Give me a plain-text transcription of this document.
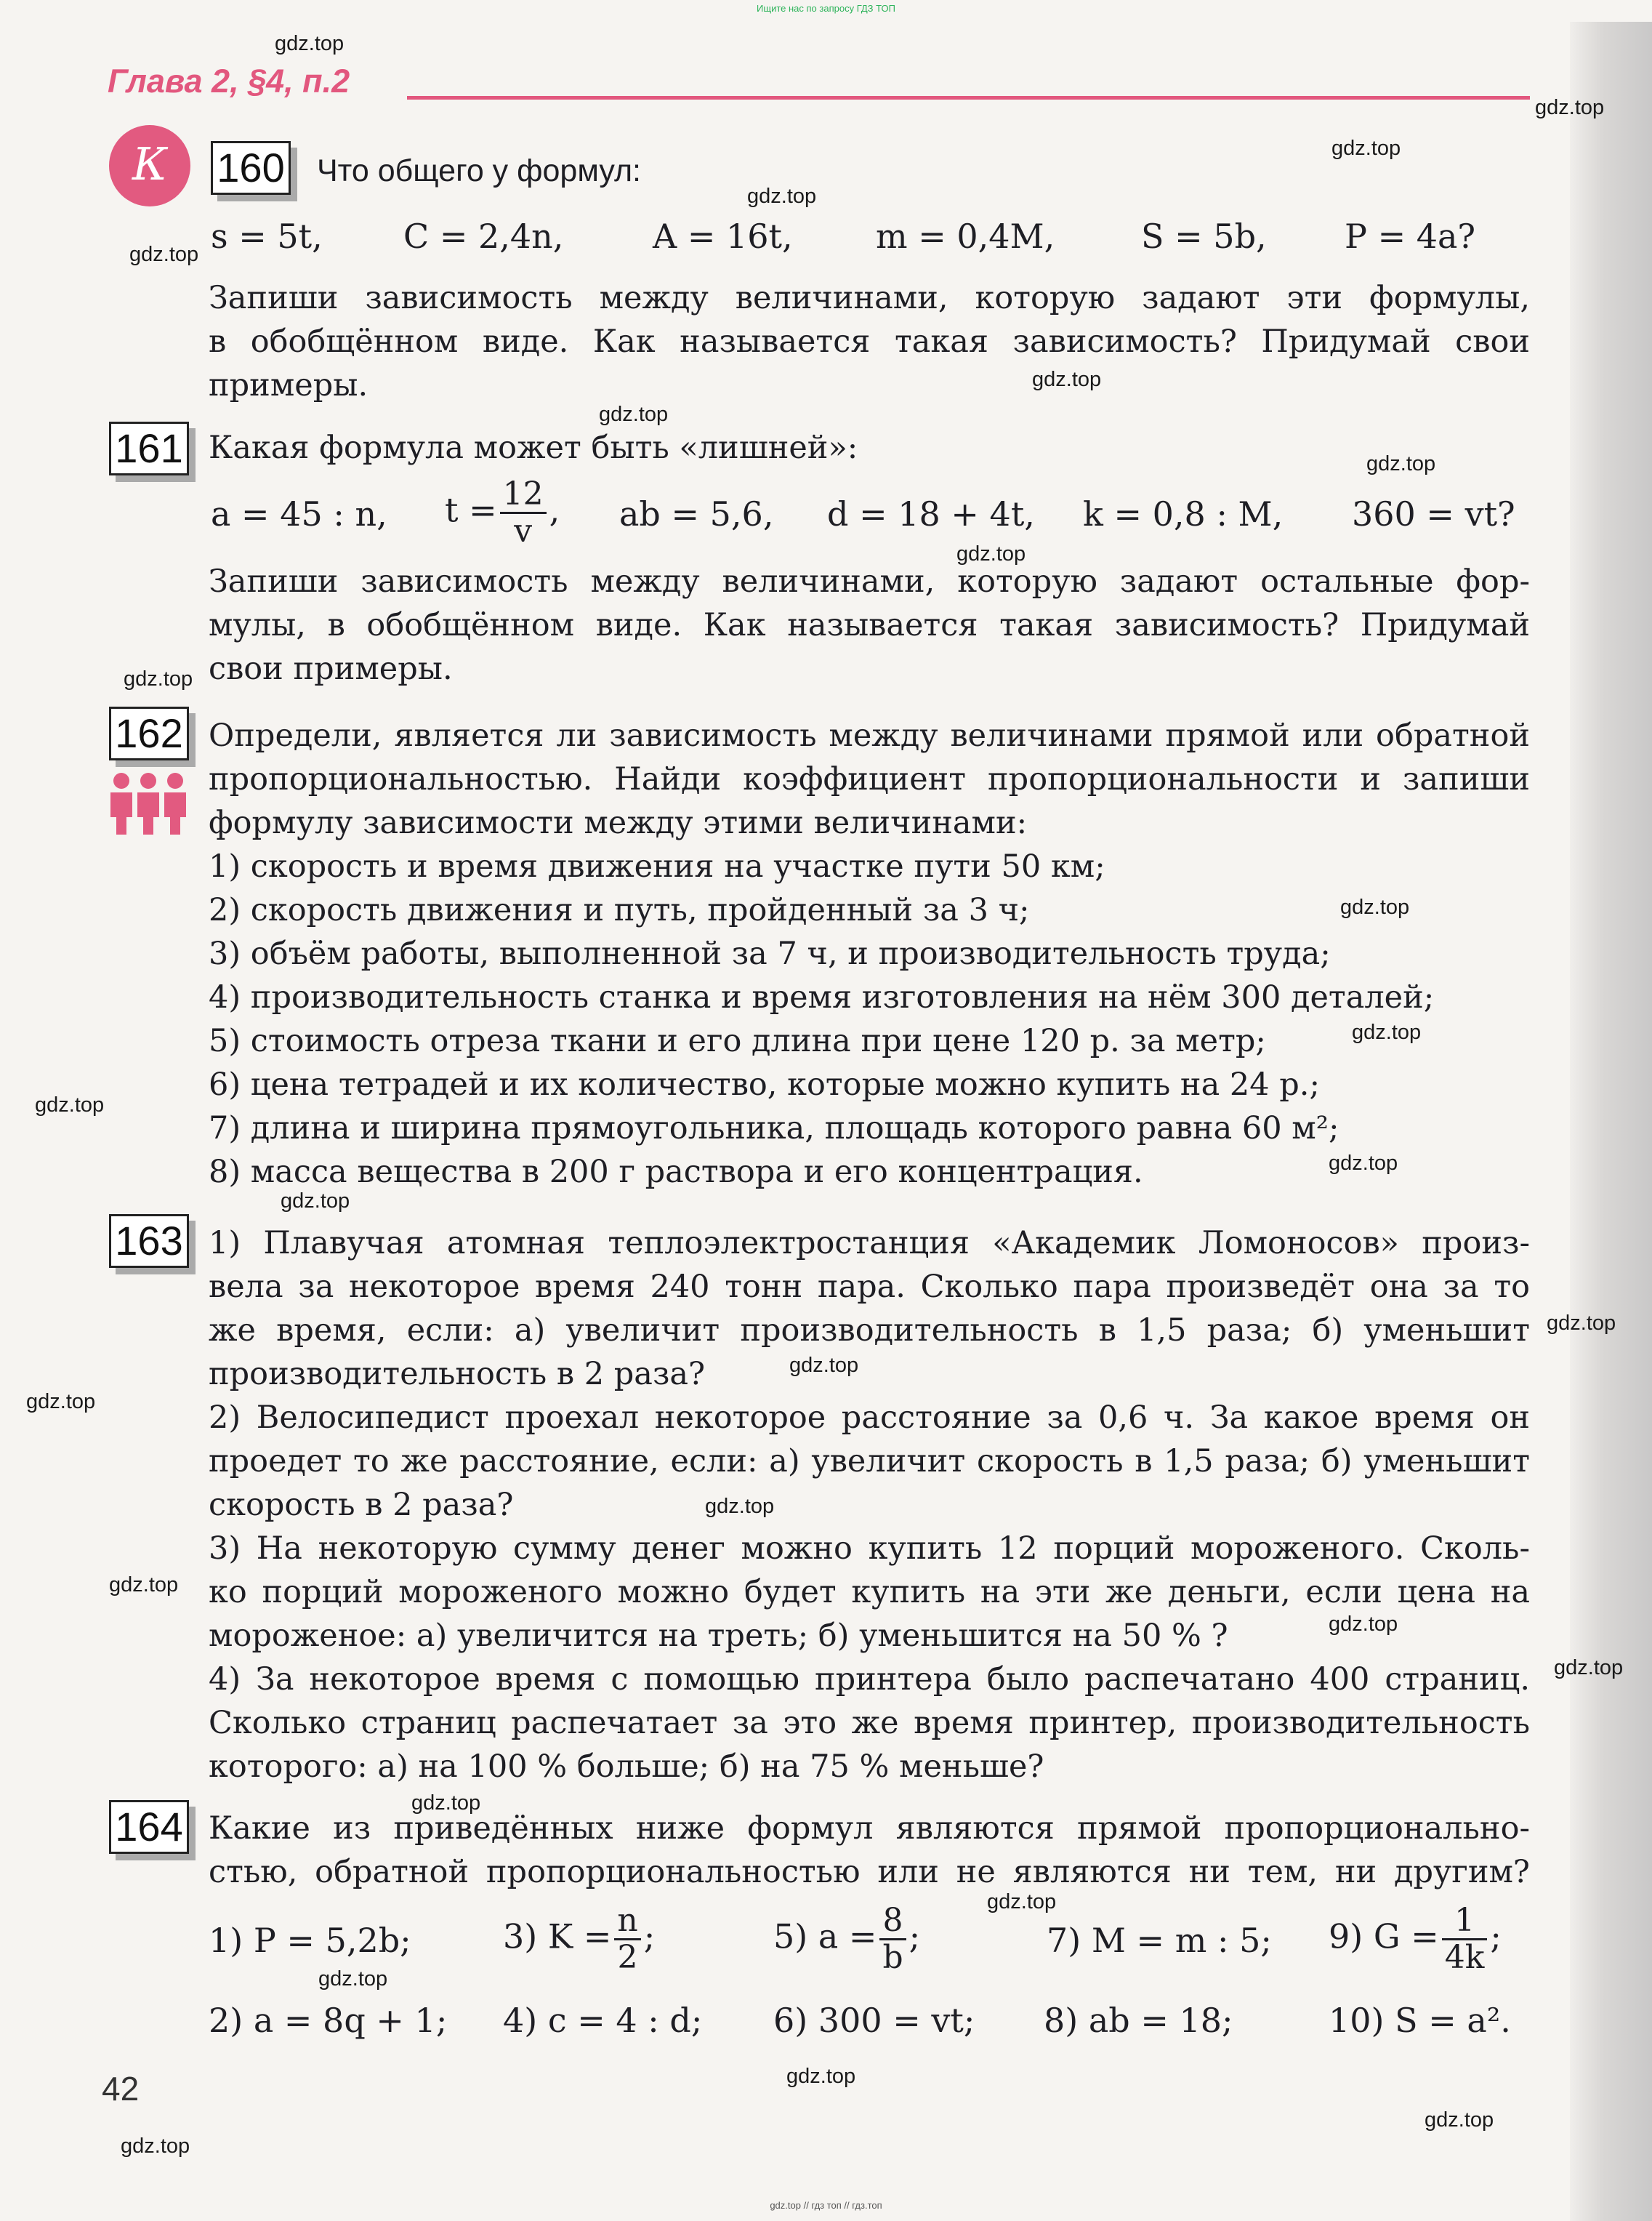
Ищите нас по запросу ГДЗ ТОП
Глава 2, §4, п.2
К	160 Что общего у формул:
s = 5t, C = 2,4n,	A = 16t, m = 0,4M,	S = 5b, P = 4a?
Запиши зависимость между величинами, которую задают эти формулы,
в обобщённом виде. Как называется такая зависимость? Придумай свои
примеры.
161 Какая формула может быть «лишней»:
a = 45 : n, $t = \frac{12}{v}$ , ab = 5,6, d = 18 + 4t, k = 0,8 : M, 360 = vt?
Запиши зависимость между величинами, которую задают остальные фор-
мулы, в обобщённом виде. Как называется такая зависимость? Придумай
свои примеры.
162 Определи, является ли зависимость между величинами прямой или обратной
пропорциональностью. Найди коэффициент пропорциональности и запиши
формулу зависимости между этими величинами:
1) скорость и время движения на участке пути 50 км;
2) скорость движения и путь, пройденный за 3 ч;
3) объём работы, выполненной за 7 ч, и производительность труда;
4) производительность станка и время изготовления на нём 300 деталей;
5) стоимость отреза ткани и его длина при цене 120 р. за метр;
6) цена тетрадей и их количество, которые можно купить на 24 р.;
7) длина и ширина прямоугольника, площадь которого равна 60 м²;
8) масса вещества в 200 г раствора и его концентрация.
163 1) Плавучая атомная теплоэлектростанция «Академик Ломоносов» произ-
вела за некоторое время 240 тонн пара. Сколько пара произведёт она за то
же время, если: а) увеличит производительность в 1,5 раза; б) уменьшит
производительность в 2 раза?
2) Велосипедист проехал некоторое расстояние за 0,6 ч. За какое время он
проедет то же расстояние, если: а) увеличит скорость в 1,5 раза; б) уменьшит
скорость в 2 раза?
3) На некоторую сумму денег можно купить 12 порций мороженого. Сколь-
ко порций мороженого можно будет купить на эти же деньги, если цена на
мороженое: а) увеличится на треть; б) уменьшится на 50 % ?
4) За некоторое время с помощью принтера было распечатано 400 страниц.
Сколько страниц распечатает за это же время принтер, производительность
которого: а) на 100 % больше; б) на 75 % меньше?
164 Какие из приведённых ниже формул являются прямой пропорционально-
стью, обратной пропорциональностью или не являются ни тем, ни другим?
1) P = 5,2b;	3) $K = \frac{n}{2}$ ;	5) $a = \frac{8}{b}$ ;	7) M = m : 5; 9) $G = \frac{1}{4k}$ ;
2) a = 8q + 1; 4) c = 4 : d; 6) 300 = vt; 8) ab = 18;	10) S = a².
42
gdz.top // гдз топ // гдз.топ
gdz.top
gdz.top
gdz.top
gdz.top
gdz.top
gdz.top
gdz.top
gdz.top
gdz.top
gdz.top
gdz.top
gdz.top
gdz.top
gdz.top
gdz.top
gdz.top
gdz.top
gdz.top
gdz.top
gdz.top
gdz.top
gdz.top
gdz.top
gdz.top
gdz.top
gdz.top
gdz.top
gdz.top
